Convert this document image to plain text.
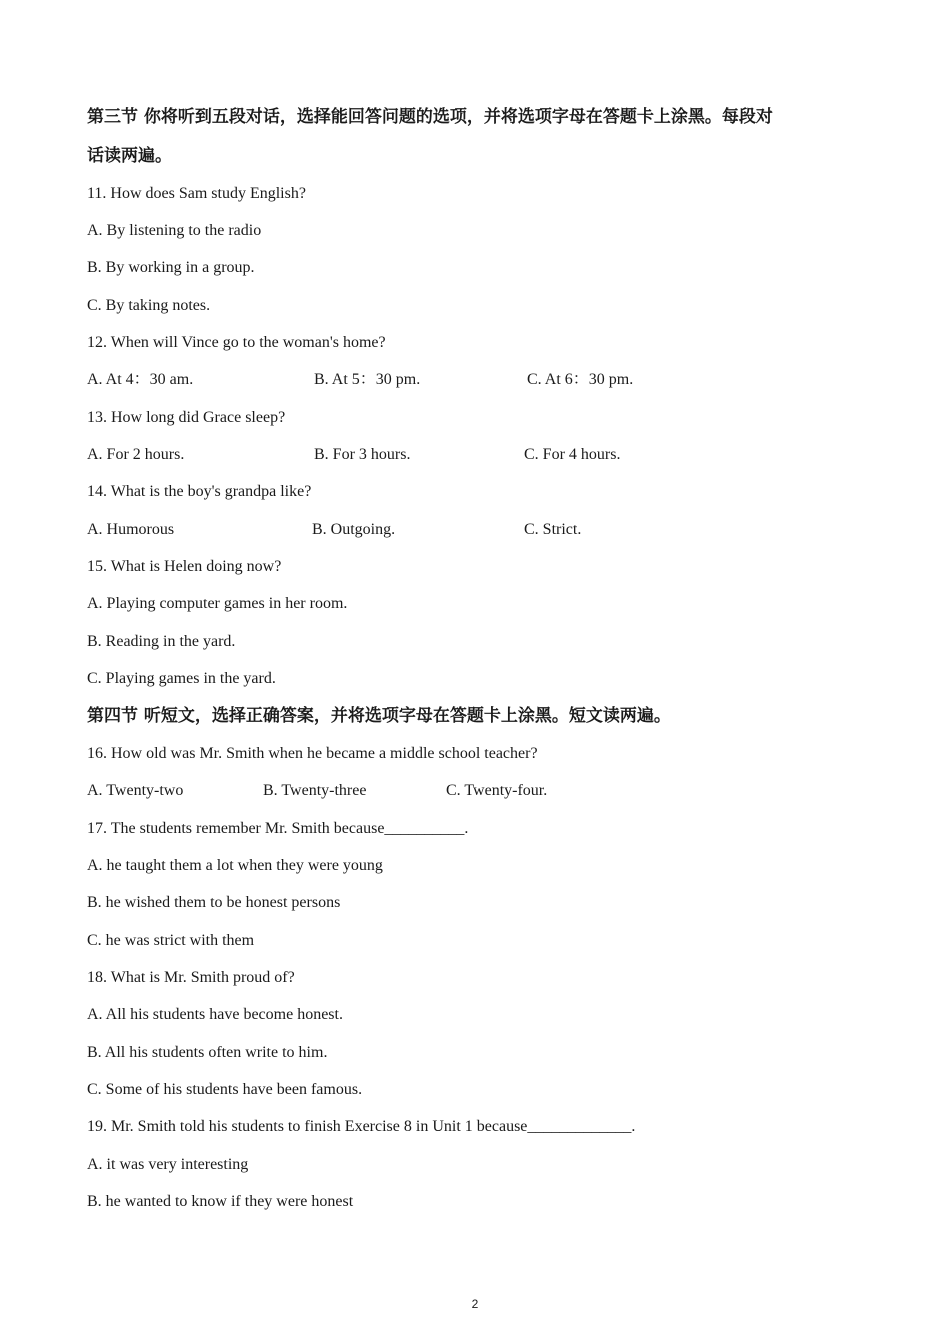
第三节 你将听到五段对话，选择能回答问题的选项，并将选项字母在答题卡上涂黑。每段对
话读两遍。
11. How does Sam study English?
A. By listening to the radio
B. By working in a group.
C. By taking notes.
12. When will Vince go to the woman's home?
A. At 4：30 am.	B. At 5：30 pm.	C. At 6：30 pm.
13. How long did Grace sleep?
A. For 2 hours.	B. For 3 hours.	C. For 4 hours.
14. What is the boy's grandpa like?
A. Humorous	B. Outgoing.	C. Strict.
15. What is Helen doing now?
A. Playing computer games in her room.
B. Reading in the yard.
C. Playing games in the yard.
第四节 听短文，选择正确答案，并将选项字母在答题卡上涂黑。短文读两遍。
16. How old was Mr. Smith when he became a middle school teacher?
A. Twenty-two	B. Twenty-three	C. Twenty-four.
17. The students remember Mr. Smith because__________.
A. he taught them a lot when they were young
B. he wished them to be honest persons
C. he was strict with them
18. What is Mr. Smith proud of?
A. All his students have become honest.
B. All his students often write to him.
C. Some of his students have been famous.
19. Mr. Smith told his students to finish Exercise 8 in Unit 1 because_____________.
A. it was very interesting
B. he wanted to know if they were honest
2
